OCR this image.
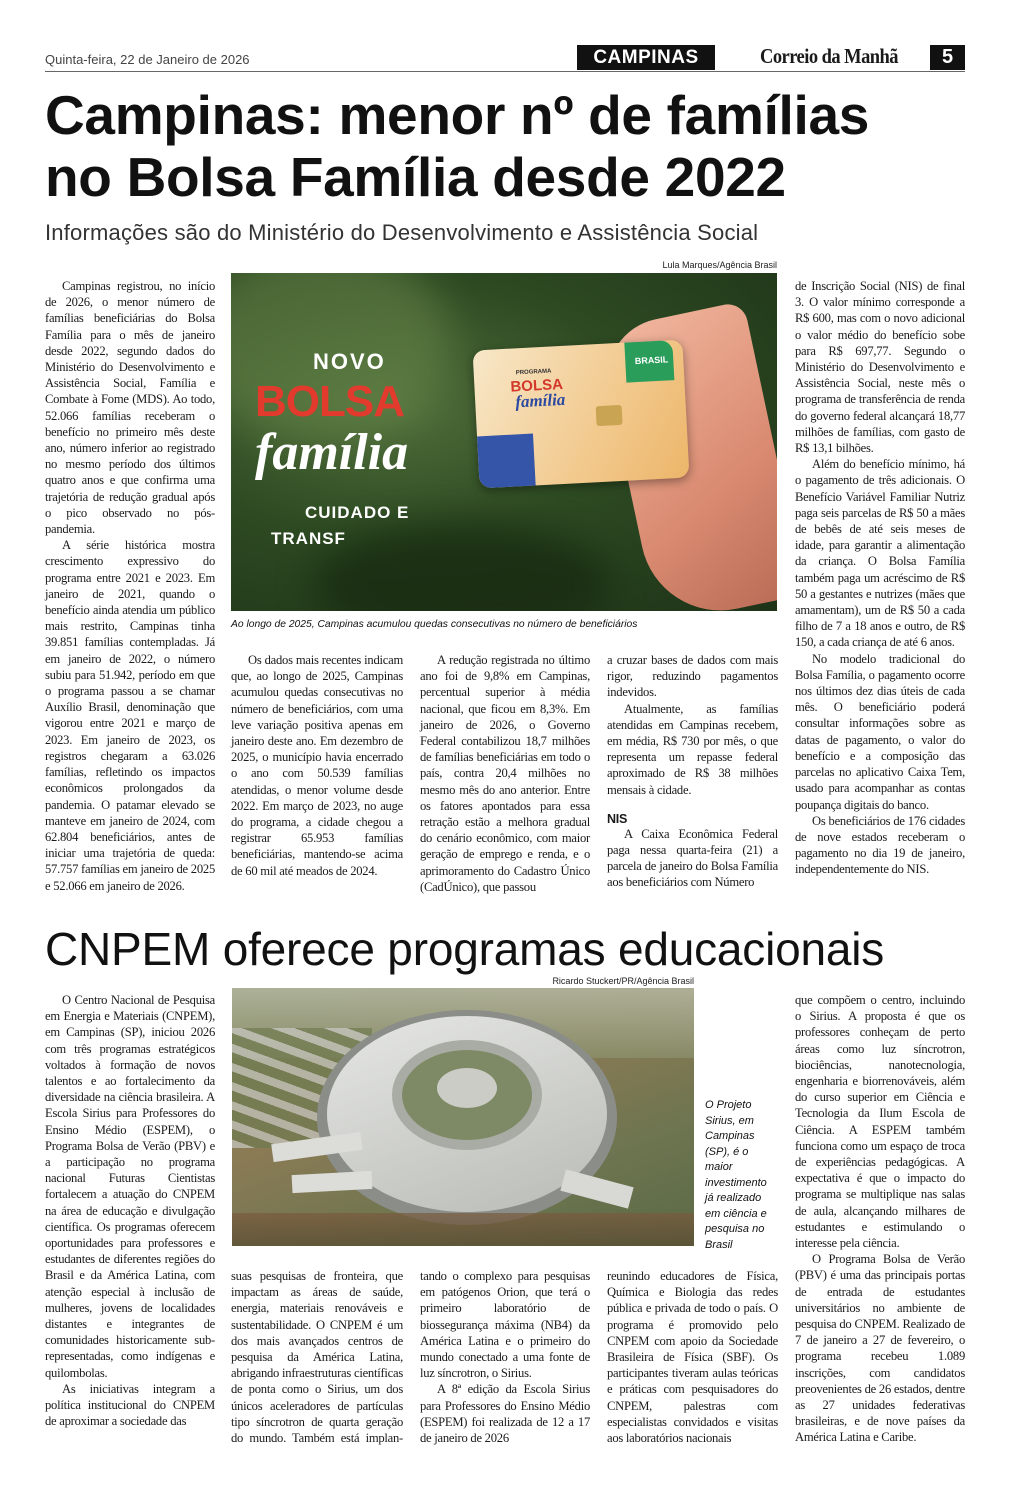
Quinta-feira, 22 de Janeiro de 2026	CAMPINAS	Correio da Manhã	5
Campinas: menor nº de famílias
no Bolsa Família desde 2022
Informações são do Ministério do Desenvolvimento e Assistência Social
Lula Marques/Agência Brasil
NOVO
BOLSA
família
CUIDADO E
TRANSF
BRASIL
PROGRAMA
BOLSA
família
Ao longo de 2025, Campinas acumulou quedas consecutivas no número de beneficiários

Campinas registrou, no início de 2026, o menor número de famílias beneficiárias do Bolsa Família para o mês de janeiro desde 2022, segundo dados do Ministério do Desenvolvimento e Assistência Social, Família e Combate à Fome (MDS). Ao todo, 52.066 famílias receberam o benefício no primeiro mês deste ano, número inferior ao registrado no mesmo período dos últimos quatro anos e que confirma uma trajetória de redução gradual após o pico observado no pós-pandemia.

A série histórica mostra crescimento expressivo do programa entre 2021 e 2023. Em janeiro de 2021, quando o benefício ainda atendia um público mais restrito, Campinas tinha 39.851 famílias contempladas. Já em janeiro de 2022, o número subiu para 51.942, período em que o programa passou a se chamar Auxílio Brasil, denominação que vigorou entre 2021 e março de 2023. Em janeiro de 2023, os registros chegaram a 63.026 famílias, refletindo os impactos econômicos prolongados da pandemia. O patamar elevado se manteve em janeiro de 2024, com 62.804 beneficiários, antes de iniciar uma trajetória de queda: 57.757 famílias em janeiro de 2025 e 52.066 em janeiro de 2026.

Os dados mais recentes indicam que, ao longo de 2025, Campinas acumulou quedas consecutivas no número de beneficiários, com uma leve variação positiva apenas em janeiro deste ano. Em dezembro de 2025, o município havia encerrado o ano com 50.539 famílias atendidas, o menor volume desde 2022. Em março de 2023, no auge do programa, a cidade chegou a registrar 65.953 famílias beneficiárias, mantendo-se acima de 60 mil até meados de 2024.

A redução registrada no último ano foi de 9,8% em Campinas, percentual superior à média nacional, que ficou em 8,3%. Em janeiro de 2026, o Governo Federal contabilizou 18,7 milhões de famílias beneficiárias em todo o país, contra 20,4 milhões no mesmo mês do ano anterior. Entre os fatores apontados para essa retração estão a melhora gradual do cenário econômico, com maior geração de emprego e renda, e o aprimoramento do Cadastro Único (CadÚnico), que passou

a cruzar bases de dados com mais rigor, reduzindo pagamentos indevidos.

Atualmente, as famílias atendidas em Campinas recebem, em média, R$ 730 por mês, o que representa um repasse federal aproximado de R$ 38 milhões mensais à cidade.

NIS

A Caixa Econômica Federal paga nessa quarta-feira (21) a parcela de janeiro do Bolsa Família aos beneficiários com Número

de Inscrição Social (NIS) de final 3. O valor mínimo corresponde a R$ 600, mas com o novo adicional o valor médio do benefício sobe para R$ 697,77. Segundo o Ministério do Desenvolvimento e Assistência Social, neste mês o programa de transferência de renda do governo federal alcançará 18,77 milhões de famílias, com gasto de R$ 13,1 bilhões.

Além do benefício mínimo, há o pagamento de três adicionais. O Benefício Variável Familiar Nutriz paga seis parcelas de R$ 50 a mães de bebês de até seis meses de idade, para garantir a alimentação da criança. O Bolsa Família também paga um acréscimo de R$ 50 a gestantes e nutrizes (mães que amamentam), um de R$ 50 a cada filho de 7 a 18 anos e outro, de R$ 150, a cada criança de até 6 anos.

No modelo tradicional do Bolsa Família, o pagamento ocorre nos últimos dez dias úteis de cada mês. O beneficiário poderá consultar informações sobre as datas de pagamento, o valor do benefício e a composição das parcelas no aplicativo Caixa Tem, usado para acompanhar as contas poupança digitais do banco.

Os beneficiários de 176 cidades de nove estados receberam o pagamento no dia 19 de janeiro, independentemente do NIS.

CNPEM oferece programas educacionais
Ricardo Stuckert/PR/Agência Brasil
O Projeto Sirius, em Campinas (SP), é o maior investimento já realizado em ciência e pesquisa no Brasil

O Centro Nacional de Pesquisa em Energia e Materiais (CNPEM), em Campinas (SP), iniciou 2026 com três programas estratégicos voltados à formação de novos talentos e ao fortalecimento da diversidade na ciência brasileira. A Escola Sirius para Professores do Ensino Médio (ESPEM), o Programa Bolsa de Verão (PBV) e a participação no programa nacional Futuras Cientistas fortalecem a atuação do CNPEM na área de educação e divulgação científica. Os programas oferecem oportunidades para professores e estudantes de diferentes regiões do Brasil e da América Latina, com atenção especial à inclusão de mulheres, jovens de localidades distantes e integrantes de comunidades historicamente sub-representadas, como indígenas e quilombolas.

As iniciativas integram a política institucional do CNPEM de aproximar a sociedade das

suas pesquisas de fronteira, que impactam as áreas de saúde, energia, materiais renováveis e sustentabilidade. O CNPEM é um dos mais avançados centros de pesquisa da América Latina, abrigando infraestruturas científicas de ponta como o Sirius, um dos únicos aceleradores de partículas tipo síncrotron de quarta geração do mundo. Também está implan-

tando o complexo para pesquisas em patógenos Orion, que terá o primeiro laboratório de biossegurança máxima (NB4) da América Latina e o primeiro do mundo conectado a uma fonte de luz síncrotron, o Sirius.

A 8ª edição da Escola Sirius para Professores do Ensino Médio (ESPEM) foi realizada de 12 a 17 de janeiro de 2026

reunindo educadores de Física, Química e Biologia das redes pública e privada de todo o país. O programa é promovido pelo CNPEM com apoio da Sociedade Brasileira de Física (SBF). Os participantes tiveram aulas teóricas e práticas com pesquisadores do CNPEM, palestras com especialistas convidados e visitas aos laboratórios nacionais

que compõem o centro, incluindo o Sirius. A proposta é que os professores conheçam de perto áreas como luz síncrotron, biociências, nanotecnologia, engenharia e biorrenováveis, além do curso superior em Ciência e Tecnologia da Ilum Escola de Ciência. A ESPEM também funciona como um espaço de troca de experiências pedagógicas. A expectativa é que o impacto do programa se multiplique nas salas de aula, alcançando milhares de estudantes e estimulando o interesse pela ciência.

O Programa Bolsa de Verão (PBV) é uma das principais portas de entrada de estudantes universitários no ambiente de pesquisa do CNPEM. Realizado de 7 de janeiro a 27 de fevereiro, o programa recebeu 1.089 inscrições, com candidatos preovenientes de 26 estados, dentre as 27 unidades federativas brasileiras, e de nove países da América Latina e Caribe.
